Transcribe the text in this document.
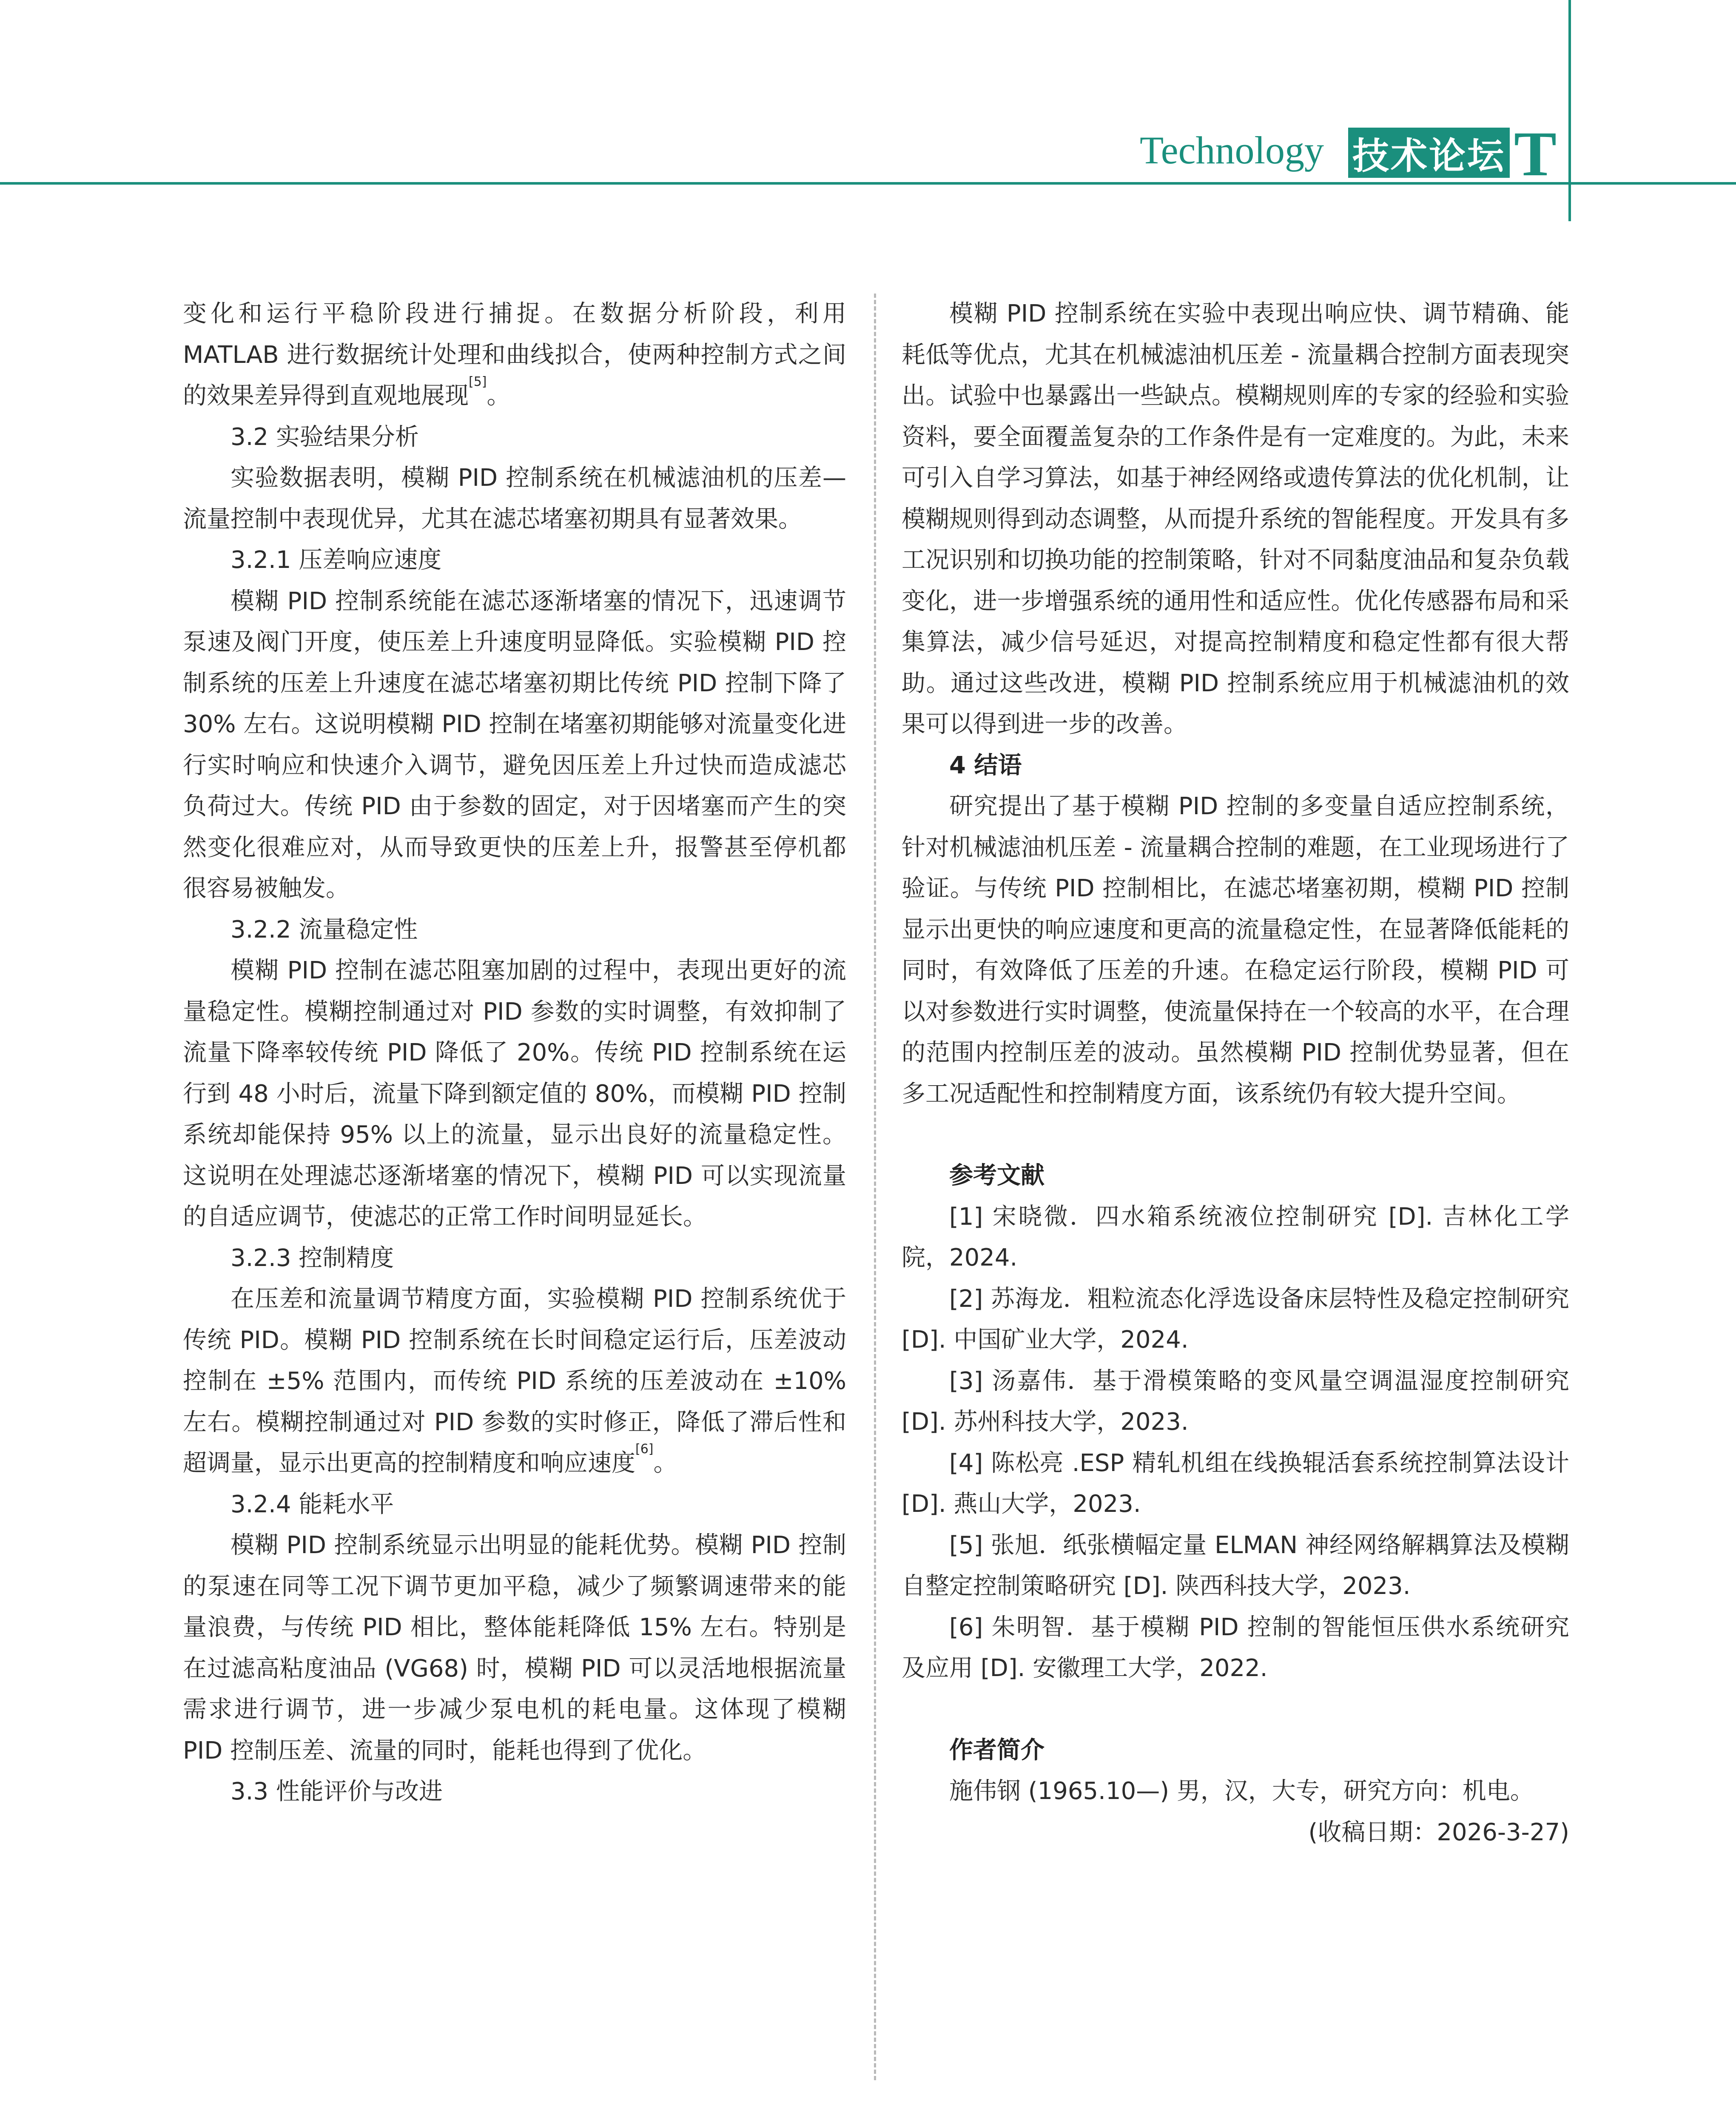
Technology 技术论坛 T

变化和运行平稳阶段进行捕捉。在数据分析阶段，利用MATLAB 进行数据统计处理和曲线拟合，使两种控制方式之间的效果差异得到直观地展现[5]。

3.2 实验结果分析

实验数据表明，模糊 PID 控制系统在机械滤油机的压差—流量控制中表现优异，尤其在滤芯堵塞初期具有显著效果。

3.2.1 压差响应速度

模糊 PID 控制系统能在滤芯逐渐堵塞的情况下，迅速调节泵速及阀门开度，使压差上升速度明显降低。实验模糊 PID 控制系统的压差上升速度在滤芯堵塞初期比传统 PID 控制下降了 30% 左右。这说明模糊 PID 控制在堵塞初期能够对流量变化进行实时响应和快速介入调节，避免因压差上升过快而造成滤芯负荷过大。传统 PID 由于参数的固定，对于因堵塞而产生的突然变化很难应对，从而导致更快的压差上升，报警甚至停机都很容易被触发。

3.2.2 流量稳定性

模糊 PID 控制在滤芯阻塞加剧的过程中，表现出更好的流量稳定性。模糊控制通过对 PID 参数的实时调整，有效抑制了流量下降率较传统 PID 降低了 20%。传统 PID 控制系统在运行到 48 小时后，流量下降到额定值的 80%，而模糊 PID 控制系统却能保持 95% 以上的流量，显示出良好的流量稳定性。这说明在处理滤芯逐渐堵塞的情况下，模糊 PID 可以实现流量的自适应调节，使滤芯的正常工作时间明显延长。

3.2.3 控制精度

在压差和流量调节精度方面，实验模糊 PID 控制系统优于传统 PID。模糊 PID 控制系统在长时间稳定运行后，压差波动控制在 ±5% 范围内，而传统 PID 系统的压差波动在 ±10% 左右。模糊控制通过对 PID 参数的实时修正，降低了滞后性和超调量，显示出更高的控制精度和响应速度[6]。

3.2.4 能耗水平

模糊 PID 控制系统显示出明显的能耗优势。模糊 PID 控制的泵速在同等工况下调节更加平稳，减少了频繁调速带来的能量浪费，与传统 PID 相比，整体能耗降低 15% 左右。特别是在过滤高粘度油品 (VG68) 时，模糊 PID 可以灵活地根据流量需求进行调节，进一步减少泵电机的耗电量。这体现了模糊 PID 控制压差、流量的同时，能耗也得到了优化。

3.3 性能评价与改进

模糊 PID 控制系统在实验中表现出响应快、调节精确、能耗低等优点，尤其在机械滤油机压差 - 流量耦合控制方面表现突出。试验中也暴露出一些缺点。模糊规则库的专家的经验和实验资料，要全面覆盖复杂的工作条件是有一定难度的。为此，未来可引入自学习算法，如基于神经网络或遗传算法的优化机制，让模糊规则得到动态调整，从而提升系统的智能程度。开发具有多工况识别和切换功能的控制策略，针对不同黏度油品和复杂负载变化，进一步增强系统的通用性和适应性。优化传感器布局和采集算法，减少信号延迟，对提高控制精度和稳定性都有很大帮助。通过这些改进，模糊 PID 控制系统应用于机械滤油机的效果可以得到进一步的改善。

4 结语

研究提出了基于模糊 PID 控制的多变量自适应控制系统，针对机械滤油机压差 - 流量耦合控制的难题，在工业现场进行了验证。与传统 PID 控制相比，在滤芯堵塞初期，模糊 PID 控制显示出更快的响应速度和更高的流量稳定性，在显著降低能耗的同时，有效降低了压差的升速。在稳定运行阶段，模糊 PID 可以对参数进行实时调整，使流量保持在一个较高的水平，在合理的范围内控制压差的波动。虽然模糊 PID 控制优势显著，但在多工况适配性和控制精度方面，该系统仍有较大提升空间。

参考文献

[1] 宋晓微．四水箱系统液位控制研究 [D]. 吉林化工学院，2024.

[2] 苏海龙．粗粒流态化浮选设备床层特性及稳定控制研究 [D]. 中国矿业大学，2024.

[3] 汤嘉伟．基于滑模策略的变风量空调温湿度控制研究 [D]. 苏州科技大学，2023.

[4] 陈松亮 .ESP 精轧机组在线换辊活套系统控制算法设计 [D]. 燕山大学，2023.

[5] 张旭．纸张横幅定量 ELMAN 神经网络解耦算法及模糊自整定控制策略研究 [D]. 陕西科技大学，2023.

[6] 朱明智．基于模糊 PID 控制的智能恒压供水系统研究及应用 [D]. 安徽理工大学，2022.

作者简介

施伟钢 (1965.10—) 男，汉，大专，研究方向：机电。

(收稿日期：2026-3-27)
